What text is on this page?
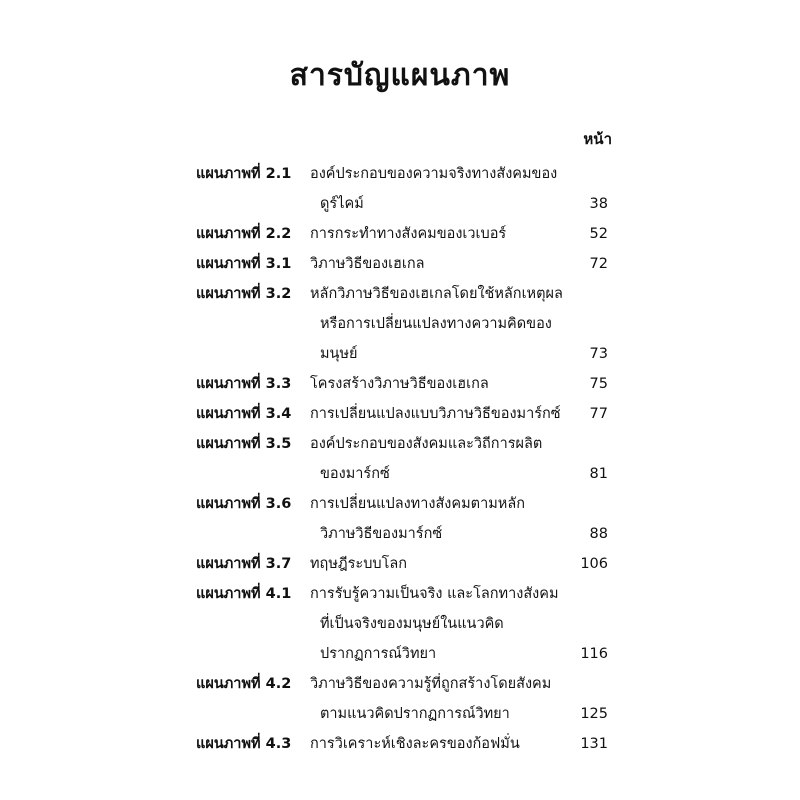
สารบัญแผนภาพ
หน้า
แผนภาพที่ 2.1	องค์ประกอบของความจริงทางสังคมของ
ดูร์ไคม์	38
แผนภาพที่ 2.2	การกระทำทางสังคมของเวเบอร์	52
แผนภาพที่ 3.1	วิภาษวิธีของเฮเกล	72
แผนภาพที่ 3.2	หลักวิภาษวิธีของเฮเกลโดยใช้หลักเหตุผล
หรือการเปลี่ยนแปลงทางความคิดของ
มนุษย์	73
แผนภาพที่ 3.3	โครงสร้างวิภาษวิธีของเฮเกล	75
แผนภาพที่ 3.4	การเปลี่ยนแปลงแบบวิภาษวิธีของมาร์กซ์	77
แผนภาพที่ 3.5	องค์ประกอบของสังคมและวิถีการผลิต
ของมาร์กซ์	81
แผนภาพที่ 3.6	การเปลี่ยนแปลงทางสังคมตามหลัก
วิภาษวิธีของมาร์กซ์	88
แผนภาพที่ 3.7	ทฤษฎีระบบโลก	106
แผนภาพที่ 4.1	การรับรู้ความเป็นจริง และโลกทางสังคม
ที่เป็นจริงของมนุษย์ในแนวคิด
ปรากฏการณ์วิทยา	116
แผนภาพที่ 4.2	วิภาษวิธีของความรู้ที่ถูกสร้างโดยสังคม
ตามแนวคิดปรากฏการณ์วิทยา	125
แผนภาพที่ 4.3	การวิเคราะห์เชิงละครของก้อฟมั่น	131
